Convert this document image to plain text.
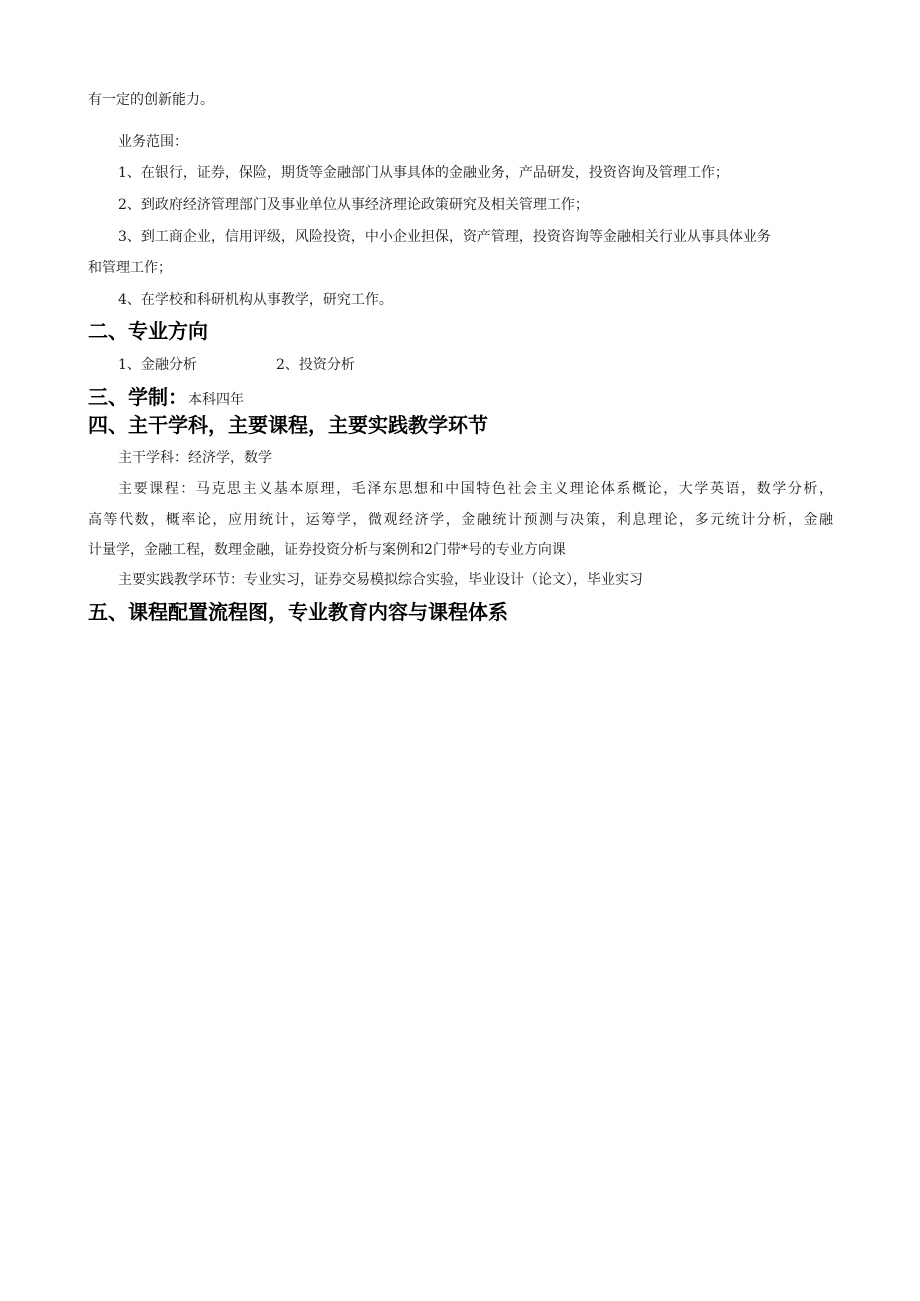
有一定的创新能力。
业务范围：
1、在银行，证券，保险，期货等金融部门从事具体的金融业务，产品研发，投资咨询及管理工作；
2、到政府经济管理部门及事业单位从事经济理论政策研究及相关管理工作；
3、到工商企业，信用评级，风险投资，中小企业担保，资产管理，投资咨询等金融相关行业从事具体业务
和管理工作；
4、在学校和科研机构从事教学，研究工作。
二、专业方向
1、金融分析	2、投资分析
三、学制：本科四年
四、主干学科，主要课程，主要实践教学环节
主干学科：经济学，数学
主要课程：马克思主义基本原理，毛泽东思想和中国特色社会主义理论体系概论，大学英语，数学分析，
高等代数，概率论，应用统计，运筹学，微观经济学，金融统计预测与决策，利息理论，多元统计分析，金融
计量学，金融工程，数理金融，证券投资分析与案例和2门带*号的专业方向课
主要实践教学环节：专业实习，证券交易模拟综合实验，毕业设计（论文），毕业实习
五、课程配置流程图，专业教育内容与课程体系
